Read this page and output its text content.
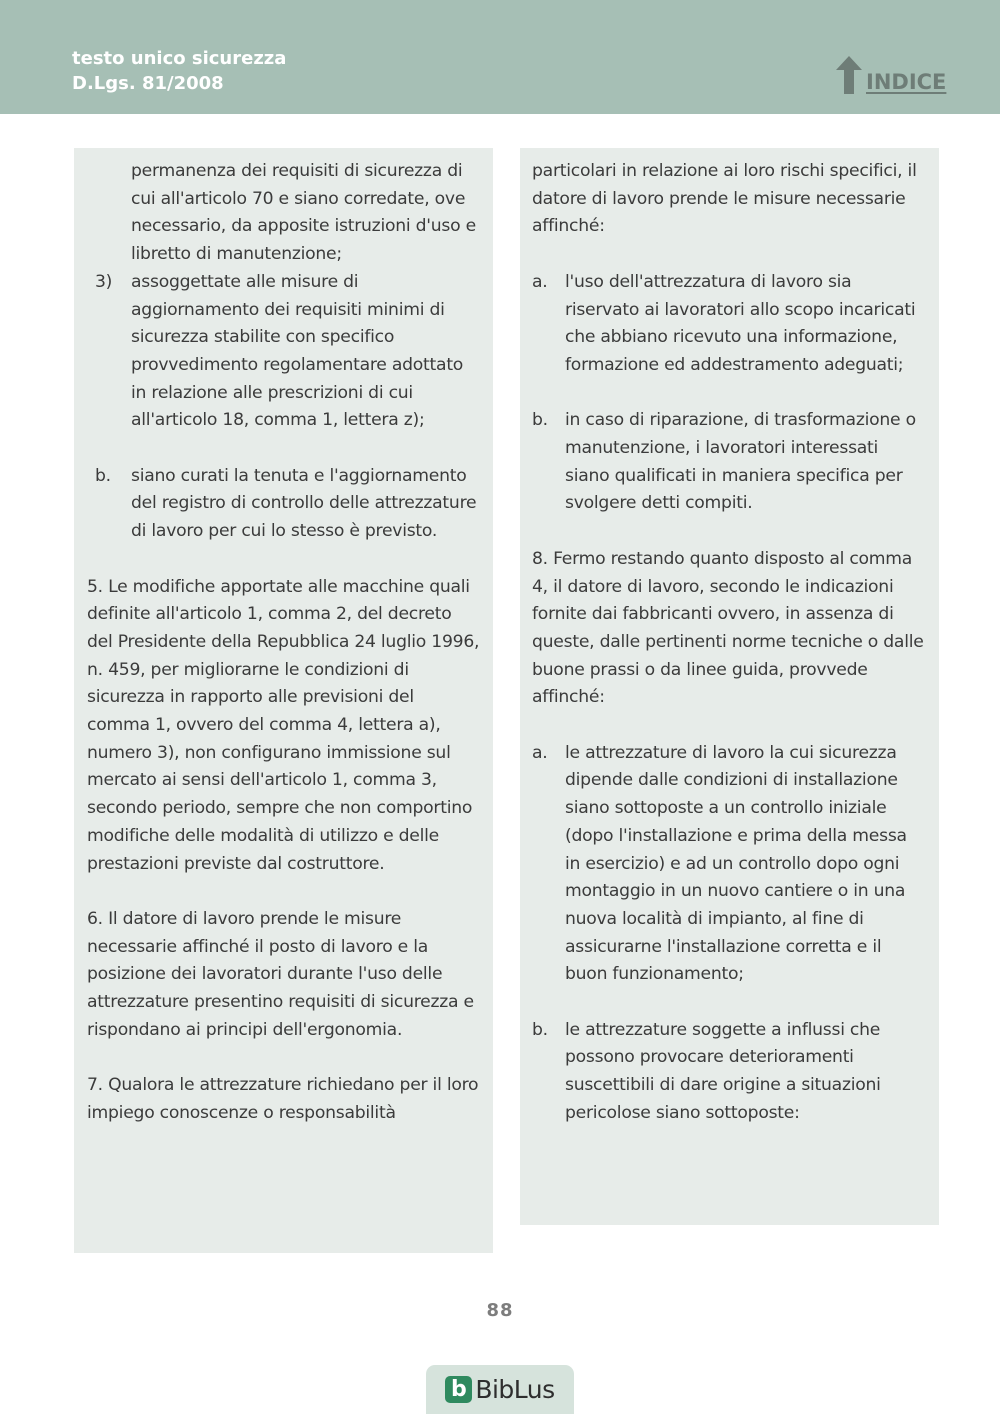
testo unico sicurezza
D.Lgs. 81/2008	INDICE
permanenza dei requisiti di sicurezza di cui all'articolo 70 e siano corredate, ove necessario, da apposite istruzioni d'uso e libretto di manutenzione;
3)	assoggettate alle misure di aggiornamento dei requisiti minimi di sicurezza stabilite con specifico provvedimento regolamentare adottato in relazione alle prescrizioni di cui all'articolo 18, comma 1, lettera z);
b.	siano curati la tenuta e l'aggiornamento del registro di controllo delle attrezzature di lavoro per cui lo stesso è previsto.

5. Le modifiche apportate alle macchine quali definite all'articolo 1, comma 2, del decreto del Presidente della Repubblica 24 luglio 1996, n. 459, per migliorarne le condizioni di sicurezza in rapporto alle previsioni del comma 1, ovvero del comma 4, lettera a), numero 3), non configurano immissione sul mercato ai sensi dell'articolo 1, comma 3, secondo periodo, sempre che non comportino modifiche delle modalità di utilizzo e delle prestazioni previste dal costruttore.

6. Il datore di lavoro prende le misure necessarie affinché il posto di lavoro e la posizione dei lavoratori durante l'uso delle attrezzature presentino requisiti di sicurezza e rispondano ai principi dell'ergonomia.

7. Qualora le attrezzature richiedano per il loro impiego conoscenze o responsabilità

particolari in relazione ai loro rischi specifici, il datore di lavoro prende le misure necessarie affinché:

a.	l'uso dell'attrezzatura di lavoro sia riservato ai lavoratori allo scopo incaricati che abbiano ricevuto una informazione, formazione ed addestramento adeguati;
b. in caso di riparazione, di trasformazione o manutenzione, i lavoratori interessati siano qualificati in maniera specifica per svolgere detti compiti.

8. Fermo restando quanto disposto al comma 4, il datore di lavoro, secondo le indicazioni fornite dai fabbricanti ovvero, in assenza di queste, dalle pertinenti norme tecniche o dalle buone prassi o da linee guida, provvede affinché:

a.	le attrezzature di lavoro la cui sicurezza dipende dalle condizioni di installazione siano sottoposte a un controllo iniziale (dopo l'installazione e prima della messa in esercizio) e ad un controllo dopo ogni montaggio in un nuovo cantiere o in una nuova località di impianto, al fine di assicurarne l'installazione corretta e il buon funzionamento;
b. le attrezzature soggette a influssi che possono provocare deterioramenti suscettibili di dare origine a situazioni pericolose siano sottoposte:
88
b BibLus
